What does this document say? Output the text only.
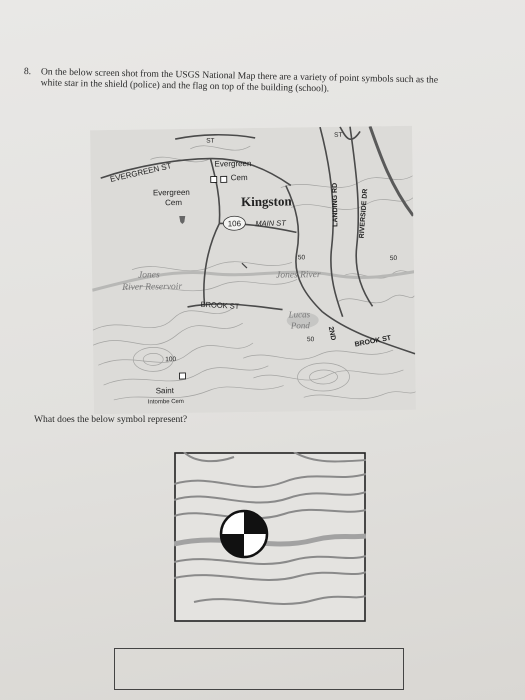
8. On the below screen shot from the USGS National Map there are a variety of point symbols such as the white star in the shield (police) and the flag on top of the building (school).
106
EVERGREEN ST	Evergreen
Cem
Evergreen
Cem	Kingston
MAIN ST	LANDING RD	RIVERSIDE DR
Jones
River Reservoir
Jones River
BROOK ST
Lucas
Pond
2ND
BROOK ST
50	50
50
100
Saint
Intombe Cem
ST
ST
What does the below symbol represent?
